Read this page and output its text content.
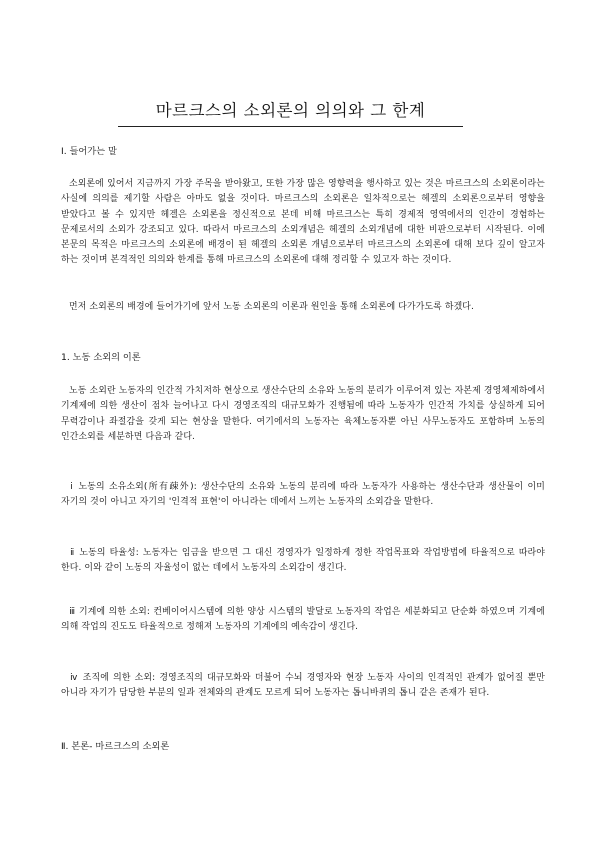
마르크스의 소외론의 의의와 그 한계

Ⅰ. 들어가는 말

소외론에 있어서 지금까지 가장 주목을 받아왔고, 또한 가장 많은 영향력을 행사하고 있는 것은 마르크스의 소외론이라는 사실에 의의를 제기할 사람은 아마도 없을 것이다. 마르크스의 소외론은 일차적으로는 헤겔의 소외론으로부터 영향을 받았다고 볼 수 있지만 헤겔은 소외론을 정신적으로 본데 비해 마르크스는 특히 경제적 영역에서의 인간이 경험하는 문제로서의 소외가 강조되고 있다. 따라서 마르크스의 소외개념은 헤겔의 소외개념에 대한 비판으로부터 시작된다. 이에 본문의 목적은 마르크스의 소외론에 배경이 된 헤겔의 소외론 개념으로부터 마르크스의 소외론에 대해 보다 깊이 알고자 하는 것이며 본격적인 의의와 한계를 통해 마르크스의 소외론에 대해 정리할 수 있고자 하는 것이다.

먼저 소외론의 배경에 들어가기에 앞서 노동 소외론의 이론과 원인을 통해 소외론에 다가가도록 하겠다.

1. 노동 소외의 이론

노동 소외란 노동자의 인간적 가치저하 현상으로 생산수단의 소유와 노동의 분리가 이루어져 있는 자본제 경영체제하에서 기계제에 의한 생산이 점차 늘어나고 다시 경영조직의 대규모화가 진행됨에 따라 노동자가 인간적 가치를 상실하게 되어 무력감이나 좌절감을 갖게 되는 현상을 말한다. 여기에서의 노동자는 육체노동자뿐 아닌 사무노동자도 포함하며 노동의 인간소외를 세분하면 다음과 같다.

ⅰ 노동의 소유소외(所有疎外): 생산수단의 소유와 노동의 분리에 따라 노동자가 사용하는 생산수단과 생산물이 이미 자기의 것이 아니고 자기의 '인격적 표현'이 아니라는 데에서 느끼는 노동자의 소외감을 말한다.

ⅱ 노동의 타율성: 노동자는 임금을 받으면 그 대신 경영자가 일정하게 정한 작업목표와 작업방법에 타율적으로 따라야 한다. 이와 같이 노동의 자율성이 없는 데에서 노동자의 소외감이 생긴다.

ⅲ 기계에 의한 소외: 컨베이어시스템에 의한 양상 시스템의 발달로 노동자의 작업은 세분화되고 단순화 하였으며 기계에 의해 작업의 진도도 타율적으로 정해져 노동자의 기계에의 예속감이 생긴다.

ⅳ 조직에 의한 소외: 경영조직의 대규모화와 더불어 수뇌 경영자와 현장 노동자 사이의 인격적인 관계가 없어질 뿐만 아니라 자기가 담당한 부분의 일과 전체와의 관계도 모르게 되어 노동자는 톱니바퀴의 톱니 같은 존재가 된다.

Ⅱ. 본론- 마르크스의 소외론
